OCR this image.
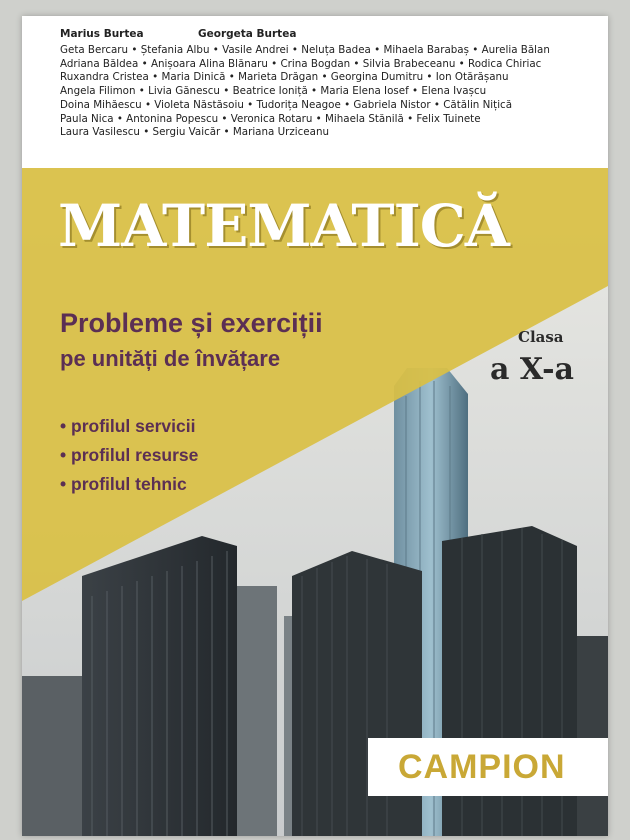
Marius Burtea	Georgeta Burtea
Geta Bercaru • Ștefania Albu • Vasile Andrei • Neluța Badea • Mihaela Barabaș • Aurelia Bălan
Adriana Băldea • Anișoara Alina Blănaru • Crina Bogdan • Silvia Brabeceanu • Rodica Chiriac
Ruxandra Cristea • Maria Dinică • Marieta Drăgan • Georgina Dumitru • Ion Otărășanu
Angela Filimon • Livia Gănescu • Beatrice Ioniță • Maria Elena Iosef • Elena Ivașcu
Doina Mihăescu • Violeta Năstăsoiu • Tudorița Neagoe • Gabriela Nistor • Cătălin Nițică
Paula Nica • Antonina Popescu • Veronica Rotaru • Mihaela Stănilă • Felix Tuinete
Laura Vasilescu • Sergiu Vaicăr • Mariana Urziceanu
MATEMATICĂ
Probleme și exerciții
pe unități de învățare
• profilul servicii
• profilul resurse
• profilul tehnic
Clasa
a X-a
CAMPION
